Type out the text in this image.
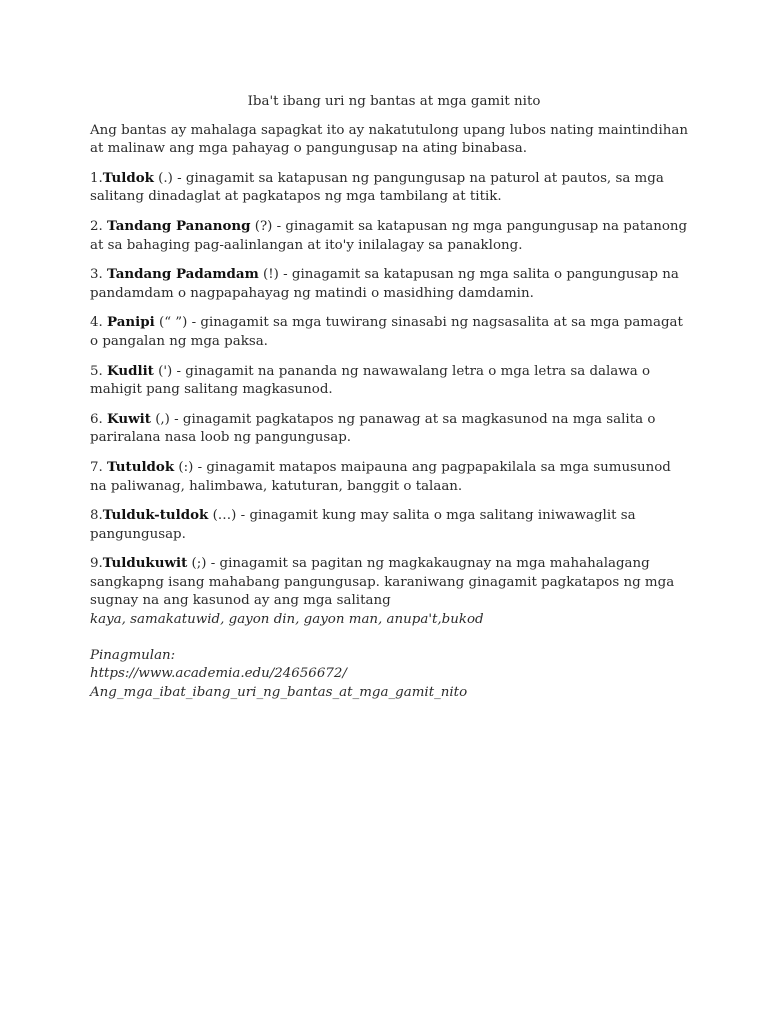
Iba't ibang uri ng bantas at mga gamit nito

Ang bantas ay mahalaga sapagkat ito ay nakatutulong upang lubos nating maintindihan at malinaw ang mga pahayag o pangungusap na ating binabasa.

1.Tuldok (.) - ginagamit sa katapusan ng pangungusap na paturol at pautos, sa mga salitang dinadaglat at pagkatapos ng mga tambilang at titik.

2. Tandang Pananong (?) - ginagamit sa katapusan ng mga pangungusap na patanong at sa bahaging pag-aalinlangan at ito'y inilalagay sa panaklong.

3. Tandang Padamdam (!) - ginagamit sa katapusan ng mga salita o pangungusap na pandamdam o nagpapahayag ng matindi o masidhing damdamin.

4. Panipi (“ ”) - ginagamit sa mga tuwirang sinasabi ng nagsasalita at sa mga pamagat o pangalan ng mga paksa.

5. Kudlit (') - ginagamit na pananda ng nawawalang letra o mga letra sa dalawa o mahigit pang salitang magkasunod.

6. Kuwit (,) - ginagamit pagkatapos ng panawag at sa magkasunod na mga salita o pariralana nasa loob ng pangungusap.

7. Tutuldok (:) - ginagamit matapos maipauna ang pagpapakilala sa mga sumusunod na paliwanag, halimbawa, katuturan, banggit o talaan.

8.Tulduk-tuldok (…) - ginagamit kung may salita o mga salitang iniwawaglit sa pangungusap.

9.Tuldukuwit (;) - ginagamit sa pagitan ng magkakaugnay na mga mahahalagang sangkapng isang mahabang pangungusap. karaniwang ginagamit pagkatapos ng mga sugnay na ang kasunod ay ang mga salitang
kaya, samakatuwid, gayon din, gayon man, anupa't,bukod

Pinagmulan:
https://www.academia.edu/24656672/
Ang_mga_ibat_ibang_uri_ng_bantas_at_mga_gamit_nito
